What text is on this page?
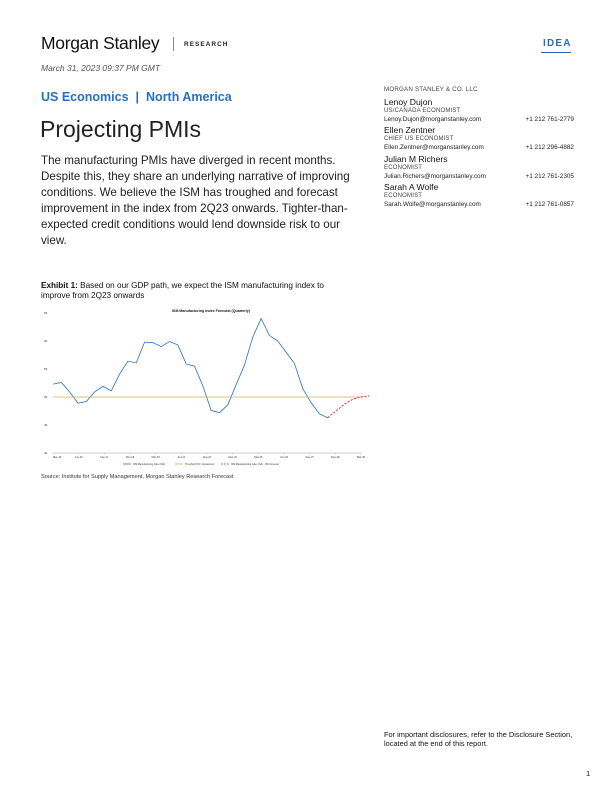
Morgan Stanley	RESEARCH	IDEA
March 31, 2023 09:37 PM GMT
US Economics | North America
Projecting PMIs

The manufacturing PMIs have diverged in recent months. Despite this, they share an underlying narrative of improving conditions. We believe the ISM has troughed and forecast improvement in the index from 2Q23 onwards. Tighter-than-expected credit conditions would lend downside risk to our view.

MORGAN STANLEY & CO. LLC
Lenoy Dujon
US/CANADA ECONOMIST
Lenoy.Dujon@morganstanley.com	+1 212 761-2779
Ellen Zentner
CHIEF US ECONOMIST
Ellen.Zentner@morganstanley.com	+1 212 296-4882
Julian M Richers
ECONOMIST
Julian.Richers@morganstanley.com	+1 212 761-2305
Sarah A Wolfe
ECONOMIST
Sarah.Wolfe@morganstanley.com	+1 212 761-0857
Exhibit 1: Based on our GDP path, we expect the ISM manufacturing index to improve from 2Q23 onwards
ISM Manufacturing Index Forecast (Quarterly)
40
45
50
55
60
65
Mar-15	Jun-16	Sep-17	Dec-18	Mar-20	Jun-21	Sep-22	Dec-23	Mar-25	Jun-26	Sep-27	Dec-28	Mar-30
ISM Manufacturing Index (SA)	Threshold (50 = Expansion)	ISM Manufacturing Index (SA) - MS Forecast
Source: Institute for Supply Management, Morgan Stanley Research Forecast
For important disclosures, refer to the Disclosure Section, located at the end of this report.
1
